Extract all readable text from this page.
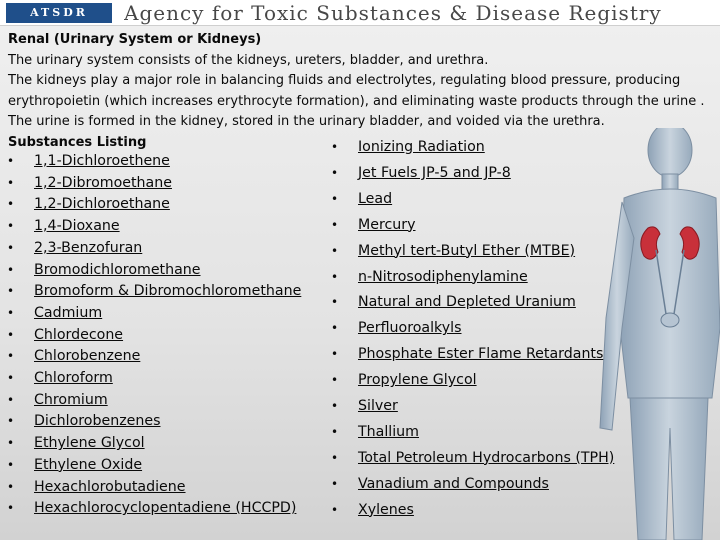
ATSDR	Agency for Toxic Substances & Disease Registry
Renal (Urinary System or Kidneys)
The urinary system consists of the kidneys, ureters, bladder, and urethra.
The kidneys play a major role in balancing fluids and electrolytes, regulating blood pressure, producing
erythropoietin (which increases erythrocyte formation), and eliminating waste products through the urine .
The urine is formed in the kidney, stored in the urinary bladder, and voided via the urethra.
Substances Listing
• 1,1-Dichloroethene
• 1,2-Dibromoethane
• 1,2-Dichloroethane
• 1,4-Dioxane
• 2,3-Benzofuran
• Bromodichloromethane
• Bromoform & Dibromochloromethane
• Cadmium
• Chlordecone
• Chlorobenzene
• Chloroform
• Chromium
• Dichlorobenzenes
• Ethylene Glycol
• Ethylene Oxide
• Hexachlorobutadiene
• Hexachlorocyclopentadiene (HCCPD)
• Ionizing Radiation
• Jet Fuels JP-5 and JP-8
• Lead
• Mercury
• Methyl tert-Butyl Ether (MTBE)
• n-Nitrosodiphenylamine
• Natural and Depleted Uranium
• Perfluoroalkyls
• Phosphate Ester Flame Retardants
• Propylene Glycol
• Silver
• Thallium
• Total Petroleum Hydrocarbons (TPH)
• Vanadium and Compounds
• Xylenes
